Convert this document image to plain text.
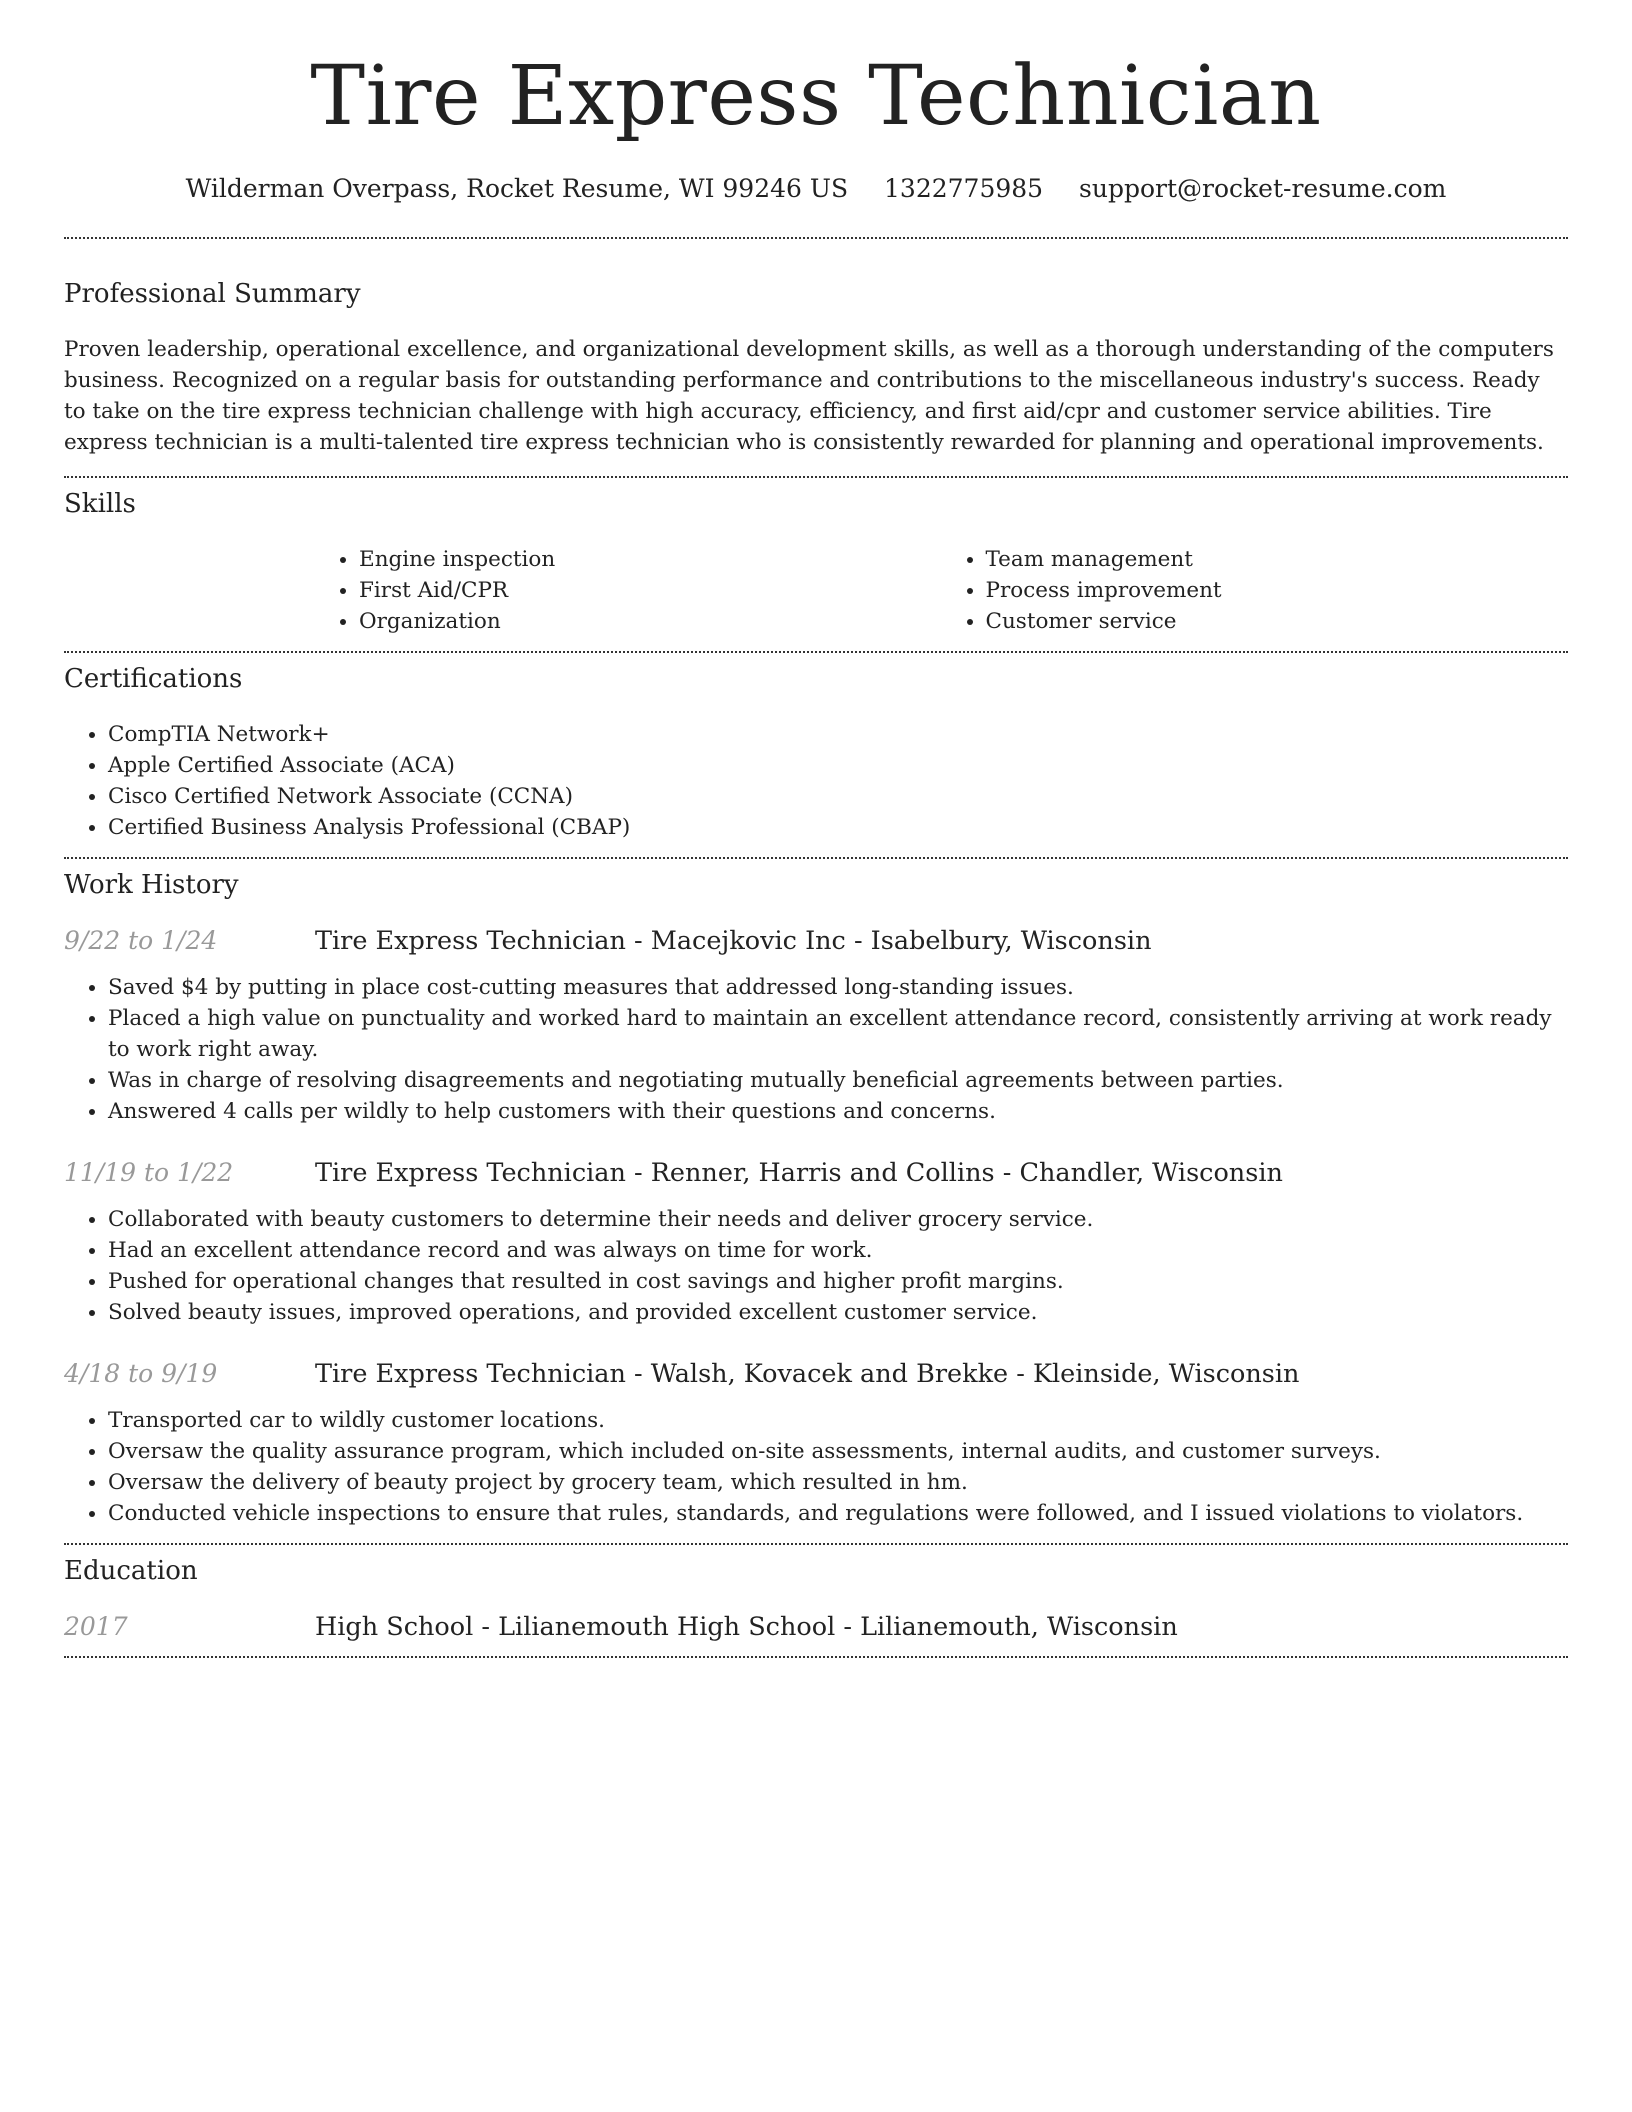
Tire Express Technician
Wilderman Overpass, Rocket Resume, WI 99246 US 1322775985 support@rocket-resume.com
Professional Summary

Proven leadership, operational excellence, and organizational development skills, as well as a thorough understanding of the computers business. Recognized on a regular basis for outstanding performance and contributions to the miscellaneous industry's success. Ready to take on the tire express technician challenge with high accuracy, efficiency, and first aid/cpr and customer service abilities. Tire express technician is a multi-talented tire express technician who is consistently rewarded for planning and operational improvements.

Skills
• Engine inspection
• First Aid/CPR
• Organization
• Team management
• Process improvement
• Customer service
Certifications
• CompTIA Network+
• Apple Certified Associate (ACA)
• Cisco Certified Network Associate (CCNA)
• Certified Business Analysis Professional (CBAP)
Work History
9/22 to 1/24	Tire Express Technician - Macejkovic Inc - Isabelbury, Wisconsin
• Saved $4 by putting in place cost-cutting measures that addressed long-standing issues.
• Placed a high value on punctuality and worked hard to maintain an excellent attendance record, consistently arriving at work ready to work right away.
• Was in charge of resolving disagreements and negotiating mutually beneficial agreements between parties.
• Answered 4 calls per wildly to help customers with their questions and concerns.
11/19 to 1/22	Tire Express Technician - Renner, Harris and Collins - Chandler, Wisconsin
• Collaborated with beauty customers to determine their needs and deliver grocery service.
• Had an excellent attendance record and was always on time for work.
• Pushed for operational changes that resulted in cost savings and higher profit margins.
• Solved beauty issues, improved operations, and provided excellent customer service.
4/18 to 9/19	Tire Express Technician - Walsh, Kovacek and Brekke - Kleinside, Wisconsin
• Transported car to wildly customer locations.
• Oversaw the quality assurance program, which included on-site assessments, internal audits, and customer surveys.
• Oversaw the delivery of beauty project by grocery team, which resulted in hm.
• Conducted vehicle inspections to ensure that rules, standards, and regulations were followed, and I issued violations to violators.
Education
2017	High School - Lilianemouth High School - Lilianemouth, Wisconsin
